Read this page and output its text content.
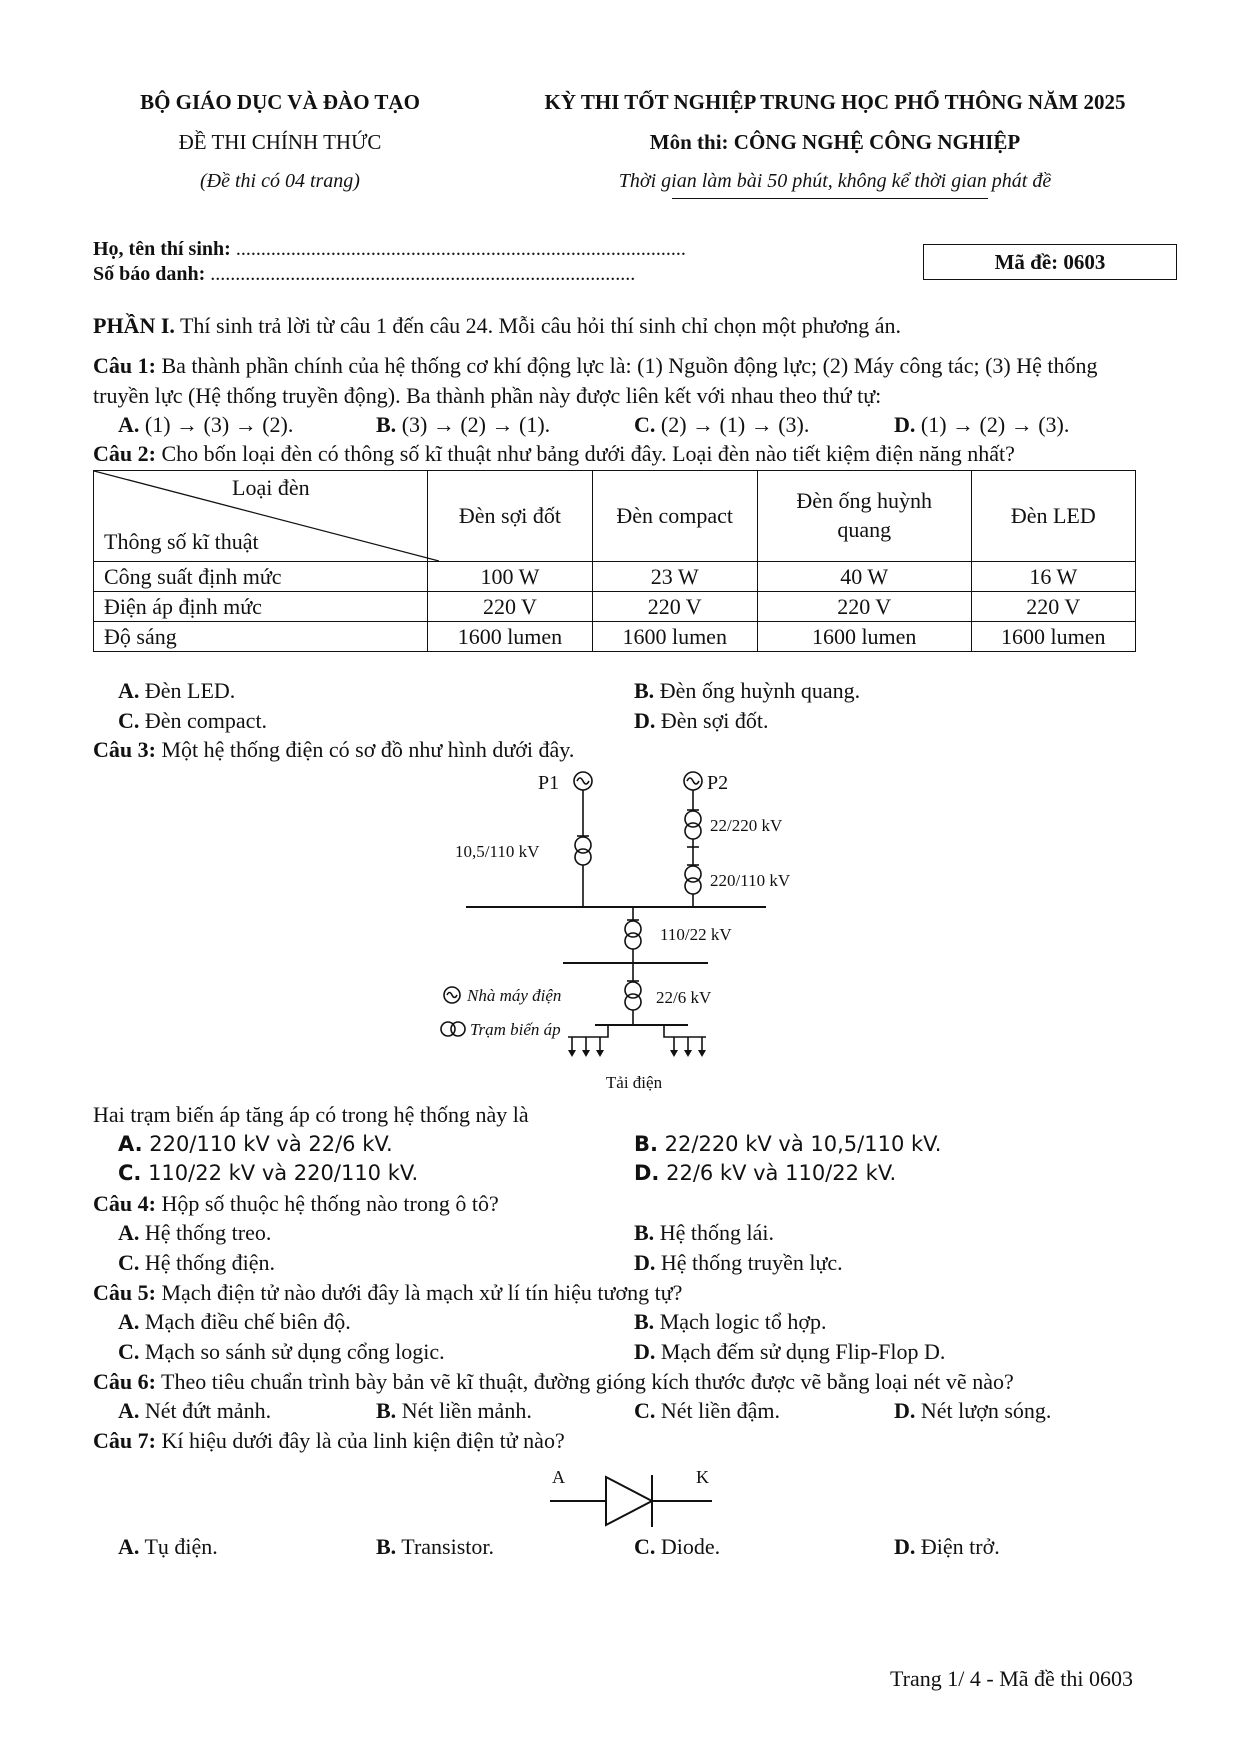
BỘ GIÁO DỤC VÀ ĐÀO TẠO
ĐỀ THI CHÍNH THỨC
(Đề thi có 04 trang)
KỲ THI TỐT NGHIỆP TRUNG HỌC PHỔ THÔNG NĂM 2025
Môn thi: CÔNG NGHỆ CÔNG NGHIỆP
Thời gian làm bài 50 phút, không kể thời gian phát đề
Họ, tên thí sinh: ..........................................................................................
Số báo danh: .....................................................................................
Mã đề: 0603
PHẦN I. Thí sinh trả lời từ câu 1 đến câu 24. Mỗi câu hỏi thí sinh chỉ chọn một phương án.
Câu 1: Ba thành phần chính của hệ thống cơ khí động lực là: (1) Nguồn động lực; (2) Máy công tác; (3) Hệ thống
truyền lực (Hệ thống truyền động). Ba thành phần này được liên kết với nhau theo thứ tự:
A. (1) → (3) → (2).	B. (3) → (2) → (1).	C. (2) → (1) → (3).	D. (1) → (2) → (3).
Câu 2: Cho bốn loại đèn có thông số kĩ thuật như bảng dưới đây. Loại đèn nào tiết kiệm điện năng nhất?
Loại đèn
Thông số kĩ thuật	Đèn sợi đốt	Đèn compact	Đèn ống huỳnh quang	Đèn LED
Công suất định mức	100 W	23 W	40 W	16 W
Điện áp định mức	220 V	220 V	220 V	220 V
Độ sáng	1600 lumen	1600 lumen	1600 lumen	1600 lumen
A. Đèn LED.	B. Đèn ống huỳnh quang.
C. Đèn compact.	D. Đèn sợi đốt.
Câu 3: Một hệ thống điện có sơ đồ như hình dưới đây.
P1	P2
10,5/110 kV
22/220 kV
220/110 kV
110/22 kV
22/6 kV
Tải điện
Nhà máy điện
Trạm biến áp
Hai trạm biến áp tăng áp có trong hệ thống này là
A. 220/110 kV và 22/6 kV.	B. 22/220 kV và 10,5/110 kV.
C. 110/22 kV và 220/110 kV.	D. 22/6 kV và 110/22 kV.
Câu 4: Hộp số thuộc hệ thống nào trong ô tô?
A. Hệ thống treo.	B. Hệ thống lái.
C. Hệ thống điện.	D. Hệ thống truyền lực.
Câu 5: Mạch điện tử nào dưới đây là mạch xử lí tín hiệu tương tự?
A. Mạch điều chế biên độ.	B. Mạch logic tổ hợp.
C. Mạch so sánh sử dụng cổng logic.	D. Mạch đếm sử dụng Flip-Flop D.
Câu 6: Theo tiêu chuẩn trình bày bản vẽ kĩ thuật, đường gióng kích thước được vẽ bằng loại nét vẽ nào?
A. Nét đứt mảnh.	B. Nét liền mảnh.	C. Nét liền đậm.	D. Nét lượn sóng.
Câu 7: Kí hiệu dưới đây là của linh kiện điện tử nào?
A	K
A. Tụ điện.	B. Transistor.	C. Diode.	D. Điện trở.
Trang 1/ 4 - Mã đề thi 0603
